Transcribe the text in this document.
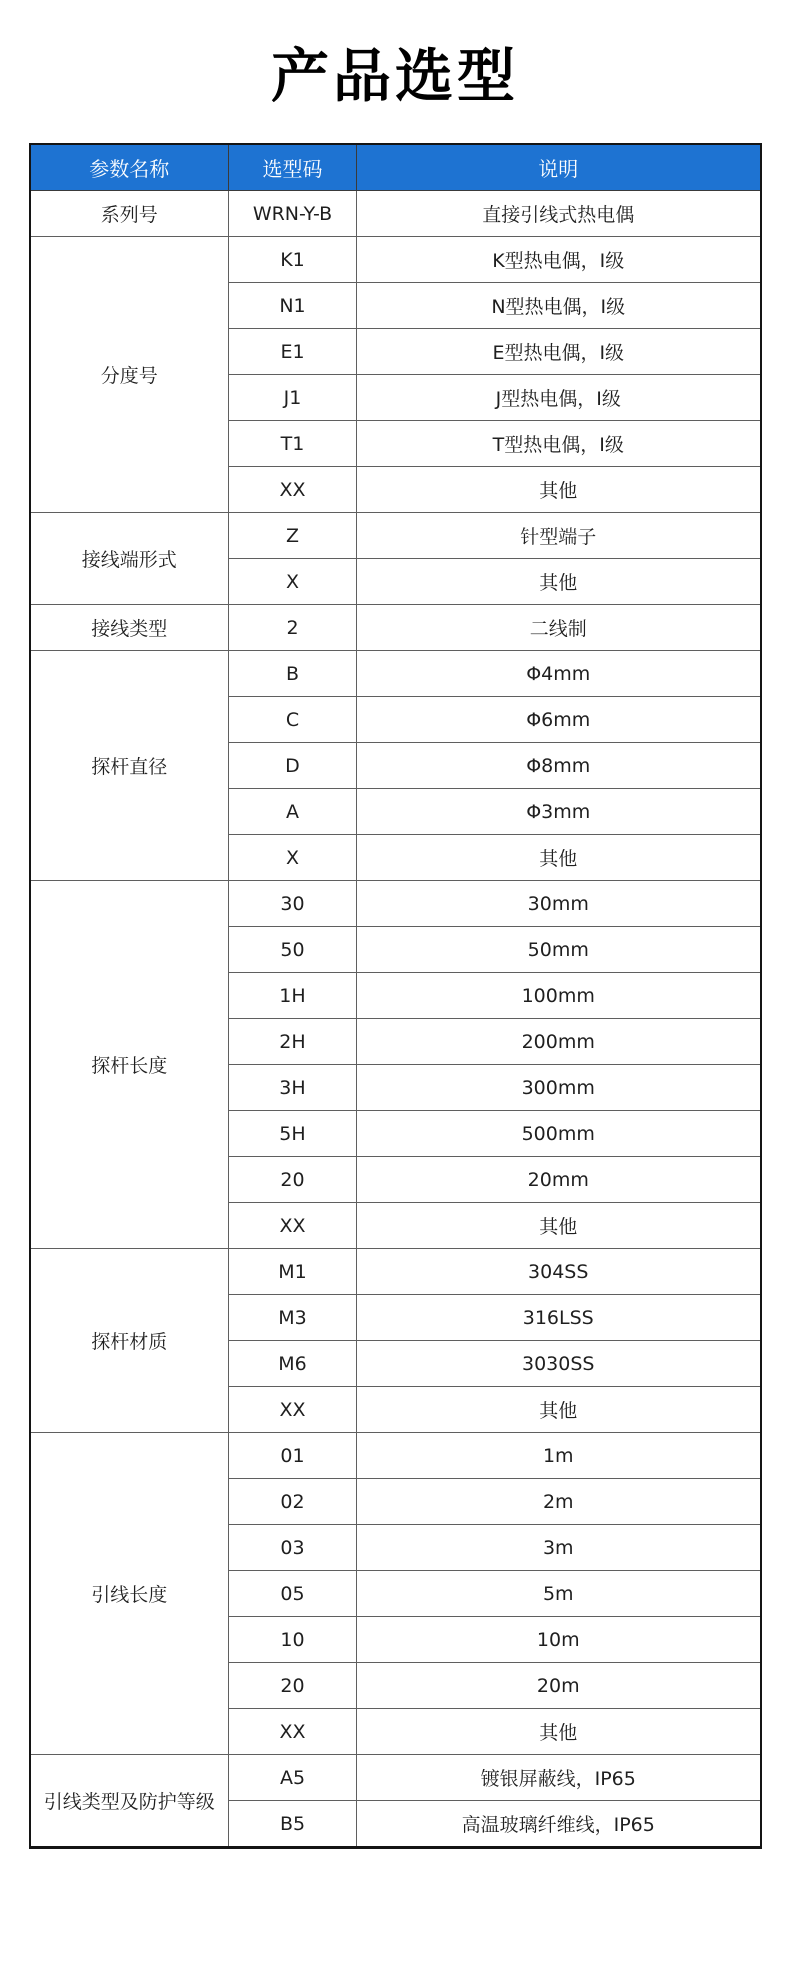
产品选型
参数名称	选型码	说明
系列号	WRN-Y-B	直接引线式热电偶
分度号	K1	K型热电偶，Ⅰ级
	N1	N型热电偶，Ⅰ级
	E1	E型热电偶，Ⅰ级
	J1	J型热电偶，Ⅰ级
	T1	T型热电偶，Ⅰ级
	XX	其他
接线端形式	Z	针型端子
	X	其他
接线类型	2	二线制
探杆直径	B	Φ4mm
	C	Φ6mm
	D	Φ8mm
	A	Φ3mm
	X	其他
探杆长度	30	30mm
	50	50mm
	1H	100mm
	2H	200mm
	3H	300mm
	5H	500mm
	20	20mm
	XX	其他
探杆材质	M1	304SS
	M3	316LSS
	M6	3030SS
	XX	其他
引线长度	01	1m
	02	2m
	03	3m
	05	5m
	10	10m
	20	20m
	XX	其他
引线类型及防护等级	A5	镀银屏蔽线，IP65
	B5	高温玻璃纤维线，IP65
